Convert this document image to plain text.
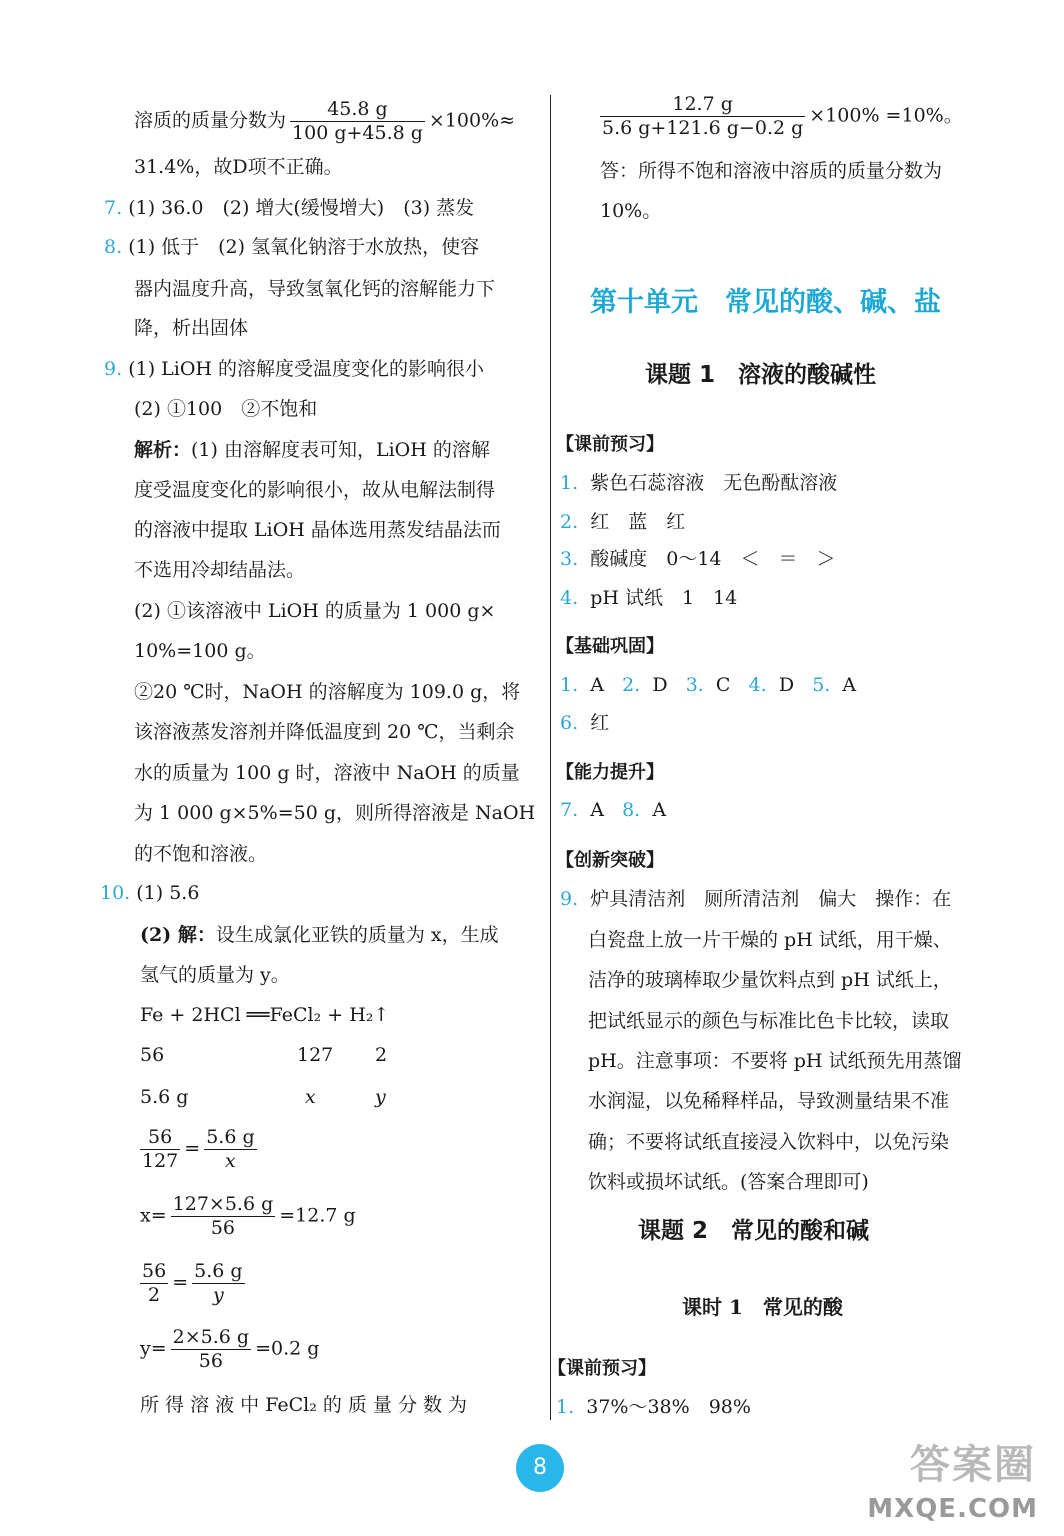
溶质的质量分数为 $\frac{45.8 g}{100 g+45.8 g} \times 100\%\approx$
31.4%，故D项不正确。
7. (1) 36.0　(2) 增大(缓慢增大)　(3) 蒸发
8. (1) 低于　(2) 氢氧化钠溶于水放热，使容
器内温度升高，导致氢氧化钙的溶解能力下
降，析出固体
9. (1) LiOH 的溶解度受温度变化的影响很小
(2) ①100　②不饱和
解析：(1) 由溶解度表可知，LiOH 的溶解
度受温度变化的影响很小，故从电解法制得
的溶液中提取 LiOH 晶体选用蒸发结晶法而
不选用冷却结晶法。
(2) ①该溶液中 LiOH 的质量为 1 000 g×
10%=100 g。
②20 ℃时，NaOH 的溶解度为 109.0 g，将
该溶液蒸发溶剂并降低温度到 20 ℃，当剩余
水的质量为 100 g 时，溶液中 NaOH 的质量
为 1 000 g×5%=50 g，则所得溶液是 NaOH
的不饱和溶液。
10. (1) 5.6
(2) 解：设生成氯化亚铁的质量为 x，生成
氢气的质量为 y。
Fe + 2HCl ══FeCl₂ + H₂↑
56	127 2
5.6 g	x	y
$\frac{56}{127} = \frac{5.6 g}{x}$
$x= \frac{127\times 5.6 g}{56} =12.7$ g
$\frac{56}{2} = \frac{5.6 g}{y}$
$y= \frac{2\times 5.6 g}{56} =0.2$ g
所 得 溶 液 中 FeCl₂ 的 质 量 分 数 为
$\frac{12.7 g}{5.6 g+121.6 g-0.2 g} \times 100\% =10\%$。
答：所得不饱和溶液中溶质的质量分数为
10%。
第十单元　常见的酸、碱、盐
课题 1　溶液的酸碱性
【课前预习】
1. 紫色石蕊溶液　无色酚酞溶液
2. 红　蓝　红
3. 酸碱度　0～14　＜　＝　＞
4. pH 试纸　1　14
【基础巩固】
1. A 2. D 3. C 4. D 5. A
6. 红
【能力提升】
7. A 8. A
【创新突破】
9. 炉具清洁剂　厕所清洁剂　偏大　操作：在
白瓷盘上放一片干燥的 pH 试纸，用干燥、
洁净的玻璃棒取少量饮料点到 pH 试纸上，
把试纸显示的颜色与标准比色卡比较，读取
pH。注意事项：不要将 pH 试纸预先用蒸馏
水润湿，以免稀释样品，导致测量结果不准
确；不要将试纸直接浸入饮料中，以免污染
饮料或损坏试纸。(答案合理即可)
课题 2　常见的酸和碱
课时 1　常见的酸
【课前预习】
1. 37%～38%　98%
8	答案圈
MXQE.COM
